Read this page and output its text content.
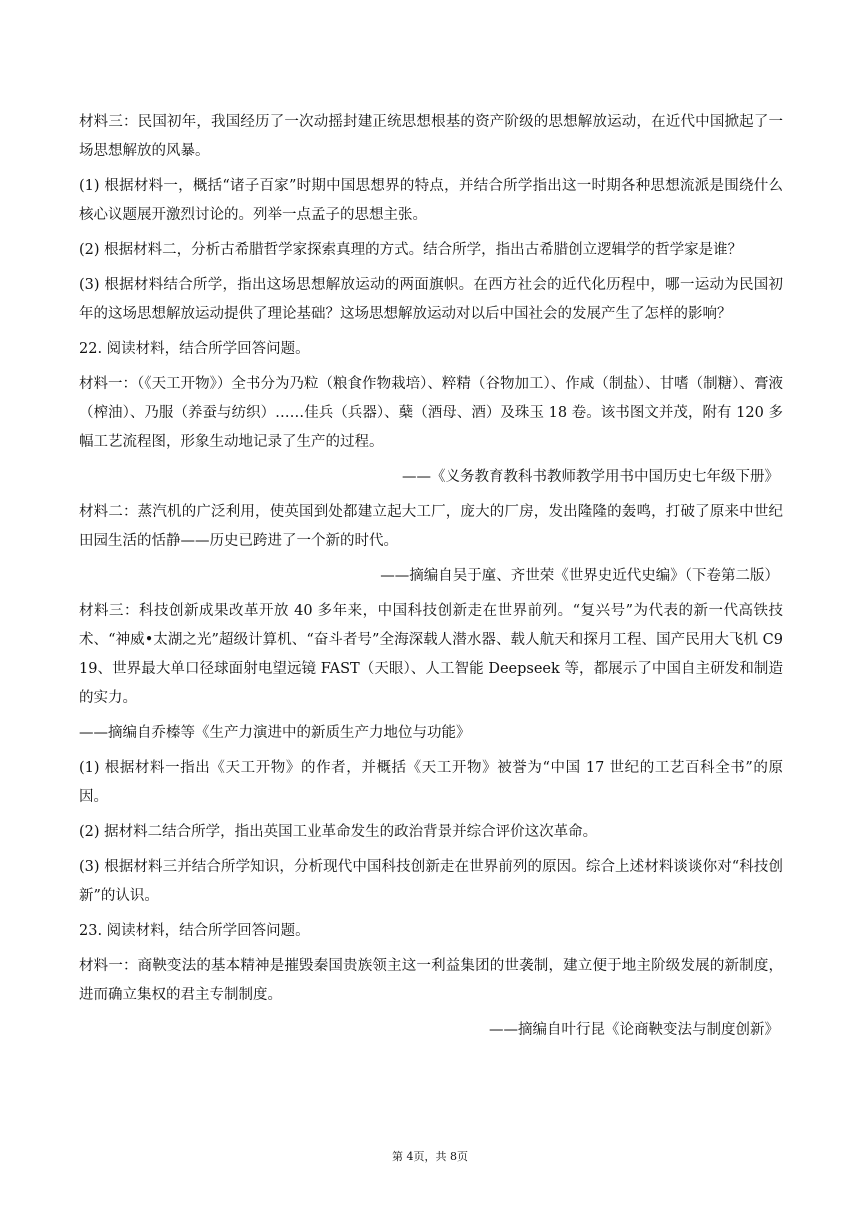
材料三：民国初年，我国经历了一次动摇封建正统思想根基的资产阶级的思想解放运动，在近代中国掀起了一场思想解放的风暴。

(1) 根据材料一，概括“诸子百家”时期中国思想界的特点，并结合所学指出这一时期各种思想流派是围绕什么核心议题展开激烈讨论的。列举一点孟子的思想主张。

(2) 根据材料二，分析古希腊哲学家探索真理的方式。结合所学，指出古希腊创立逻辑学的哲学家是谁？

(3) 根据材料结合所学，指出这场思想解放运动的两面旗帜。在西方社会的近代化历程中，哪一运动为民国初年的这场思想解放运动提供了理论基础？这场思想解放运动对以后中国社会的发展产生了怎样的影响？

22. 阅读材料，结合所学回答问题。

材料一：（《天工开物》）全书分为乃粒（粮食作物栽培）、粹精（谷物加工）、作咸（制盐）、甘嗜（制糖）、膏液（榨油）、乃服（养蚕与纺织）……佳兵（兵器）、蘖（酒母、酒）及珠玉 18 卷。该书图文并茂，附有 120 多幅工艺流程图，形象生动地记录了生产的过程。

——《义务教育教科书教师教学用书中国历史七年级下册》

材料二：蒸汽机的广泛利用，使英国到处都建立起大工厂，庞大的厂房，发出隆隆的轰鸣，打破了原来中世纪田园生活的恬静——历史已跨进了一个新的时代。

——摘编自吴于廑、齐世荣《世界史近代史编》（下卷第二版）

材料三：科技创新成果改革开放 40 多年来，中国科技创新走在世界前列。“复兴号”为代表的新一代高铁技术、“神威•太湖之光”超级计算机、“奋斗者号”全海深载人潜水器、载人航天和探月工程、国产民用大飞机 C919、世界最大单口径球面射电望远镜 FAST（天眼）、人工智能 Deepseek 等，都展示了中国自主研发和制造的实力。

——摘编自乔榛等《生产力演进中的新质生产力地位与功能》

(1) 根据材料一指出《天工开物》的作者，并概括《天工开物》被誉为“中国 17 世纪的工艺百科全书”的原因。

(2) 据材料二结合所学，指出英国工业革命发生的政治背景并综合评价这次革命。

(3) 根据材料三并结合所学知识，分析现代中国科技创新走在世界前列的原因。综合上述材料谈谈你对“科技创新”的认识。

23. 阅读材料，结合所学回答问题。

材料一：商鞅变法的基本精神是摧毁秦国贵族领主这一利益集团的世袭制，建立便于地主阶级发展的新制度，进而确立集权的君主专制制度。

——摘编自叶行昆《论商鞅变法与制度创新》

第 4页，共 8页
